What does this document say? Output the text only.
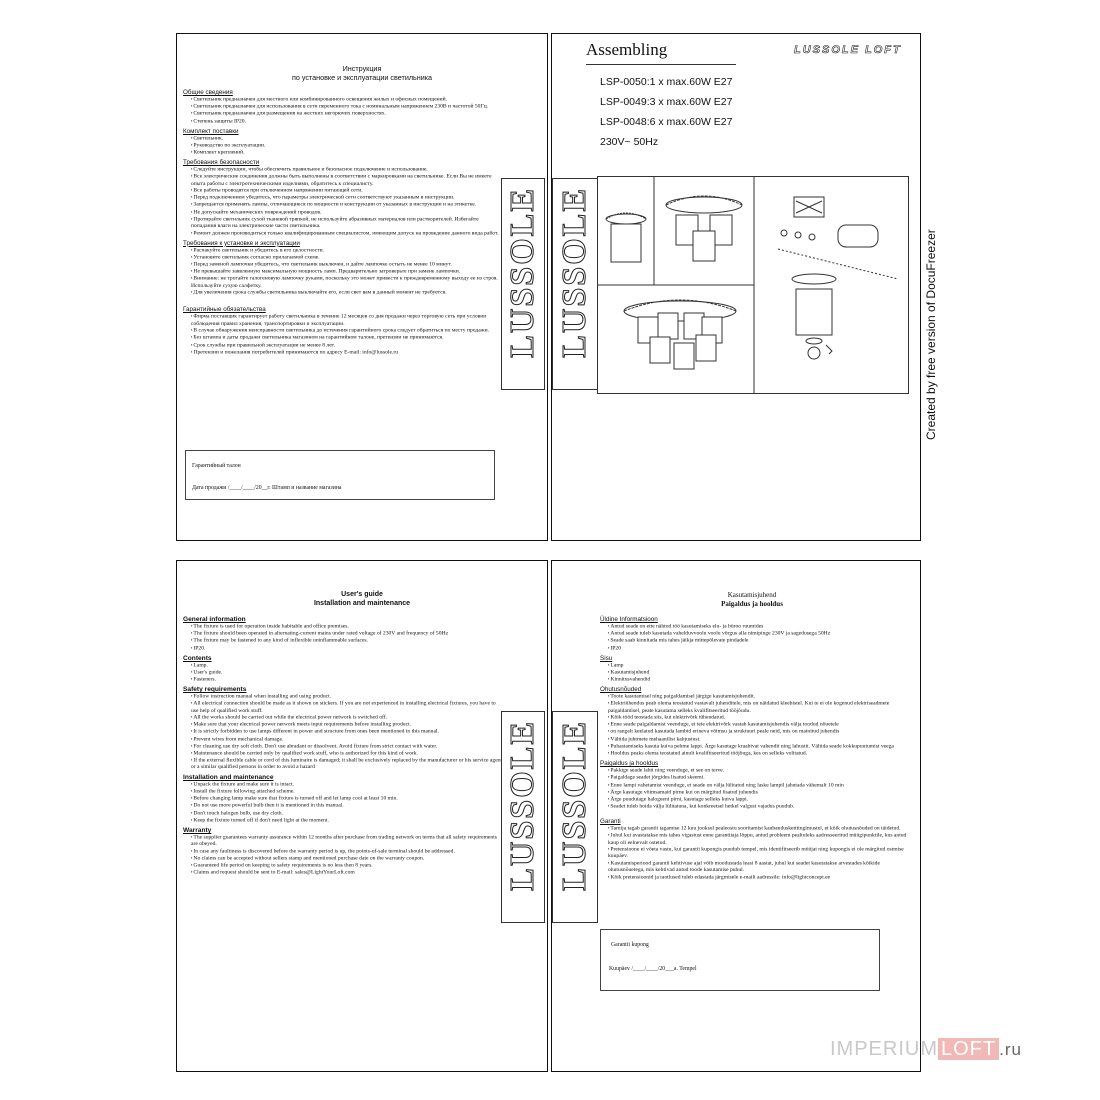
Инструкция
по установке и эксплуатации светильника
Общие сведения
▪ Светильник предназначен для местного или комбинированного освещения жилых и офисных помещений.
▪ Светильник предназначен для использования в сети переменного тока с номинальным напряжением 230В и частотой 50Гц.
▪ Светильник предназначен для размещения на жестких негорючих поверхностях.
▪ Степень защиты IP20.
Комплект поставки
▪ Светильник.
▪ Руководство по эксплуатации.
▪ Комплект креплений.
Требования безопасности
▪ Следуйте инструкции, чтобы обеспечить правильное и безопасное подключение и использование.
▪ Все электрические соединения должны быть выполнены в соответствии с маркировками на светильнике. Если Вы не имеете опыта работы с электротехническими изделиями, обратитесь к специалисту.
▪ Все работы проводятся при отключенном напряжении питающей сети.
▪ Перед подключением убедитесь, что параметры электрической сети соответствуют указанным в инструкции.
▪ Запрещается применять лампы, отличающиеся по мощности и конструкции от указанных в инструкции и на этикетке.
▪ Не допускайте механических повреждений проводов.
▪ Протирайте светильник сухой тканевой тряпкой, не используйте абразивных материалов или растворителей. Избегайте попадания влаги на электрические части светильника.
▪ Ремонт должен производиться только квалифицированным специалистом, имеющим допуск на проведение данного вида работ.
Требования к установке и эксплуатации
▪ Распакуйте светильник и убедитесь в его целостности.
▪ Установите светильник согласно прилагаемой схеме.
▪ Перед заменой лампочки убедитесь, что светильник выключен, и дайте лампочке остыть не менее 10 минут.
▪ Не превышайте заявленную максимальную мощность ламп. Предварительно затроверьте при замене лампочки.
▪ Внимание: не трогайте галогеновую лампочку руками, поскольку это может привести к преждевременному выходу ее из строя. Используйте сухую салфетку.
▪ Для увеличения срока службы светильника выключайте его, если свет вам в данный момент не требуется.
Гарантийные обязательства
▪ Фирма поставщик гарантирует работу светильника в течение 12 месяцев со дня продажи через торговую сеть при условии соблюдения правил хранения, транспортировки и эксплуатации.
▪ В случае обнаружения неисправности светильника до истечения гарантийного срока следует обратиться по месту продажи.
▪ Без штампа и даты продажи светильника магазином на гарантийном талоне, претензии не принимаются.
▪ Срок службы при правильной эксплуатации не менее 8 лет.
▪ Претензии и пожелания потребителей принимаются по адресу E-mail: info@lussole.ru
Гарантийный талон
Дата продажи /____/____/20__г. Штамп и название магазина
LUSSOLE LUSSOLE
Assembling	LUSSOLE LOFT
LSP-0050:1 x max.60W E27
LSP-0049:3 x max.60W E27
LSP-0048:6 x max.60W E27
230V~ 50Hz
Created by free version of DocuFreezer
User's guide
Installation and maintenance
General information
▪ The fixture is used for operation inside habitable and office premises.
▪ The fixture should been operated in alternating-current mains under rated voltage of 230V and frequency of 50Hz
▪ The fixture may be fastened to any kind of inflexible uninflammable surfaces.
▪ IP20.
Contents
▪ Lamp.
▪ User's guide.
▪ Fasteners.
Safety requirements
▪ Follow instruction manual when installing and using product.
▪ All electrical connection should be made as it shown on stickers. If you are not experienced in installing electrical fixtures, you have to use help of qualified work stuff.
▪ All the works should be carried out while the electrical power network is switched off.
▪ Make sure that your electrical power network meets input requirements before installing product.
▪ It is strictly forbidden to use lamps different in power and structure from ones been mentioned in this manual.
▪ Prevent wires from mechanical damage.
▪ For cleaning use dry soft cloth. Don't use abradant or dissolvent. Avoid fixture from strict contact with water.
▪ Maintenance should be carried only by qualified work stuff, who is authorized for this kind of work.
▪ If the external flexible cable or cord of this luminaire is damaged; it shall be exclusively replaced by the manufacturer or his service agent or a similar qualified persons in order to avoid a hazard
Installation and maintenance
▪ Unpack the fixture and make sure it is intact.
▪ Install the fixture following attached scheme.
▪ Before changing lamp make sure that fixture is turned off and let lamp cool at least 10 min.
▪ Do not use more powerful bulb then it is mentioned in this manual.
▪ Don't touch halogen bulb, use dry cloth.
▪ Keep the fixture turned off if don't need light at the moment.
Warranty
▪ The supplier guarantees warranty assurance within 12 months after purchase from trading network on terms that all safety requirements are obeyed.
▪ In case any faultiness is discovered before the warranty period is up, the points-of-sale terminal should be addressed.
▪ No claims can be accepted without sellers stamp and mentioned purchase date on the warranty coupon.
▪ Guaranteed life period on keeping to safety requirements is no less then 8 years.
▪ Claims and request should be sent to E-mail: sales@LightYourLoft.com	LUSSOLE LUSSOLE
Kasutamisjuhend
Paigaldus ja hooldus
Üldine Informatsioon
▪ Antud seade on ette nähtud töö kasutamiseks elu- ja büroo ruumides
▪ Antud seade tuleb kasutada vahelduvvoolu voolu võrgus alla nimipinge 230V ja sagedusega 50Hz
▪ Seade saab kinnitada mis tahes jäikja mittepõlevate pindadele
▪ IP20
Sisu
▪ Lamp
▪ Kasutamisjuhend
▪ Kinnitusvahendid
Ohutusnõuded
▪ Toote kasutamisel ning paigaldamisel järgige kasutamisjuhendit.
▪ Elektriühendus peab olema teostatud vastavalt juhenditele, mis on näidatud kleebistel. Kui te ei ole kogenud elektriseadmete paigaldamisel, peate kasutama selleks kvalifitseeritud tööjõudu.
▪ Kõik tööd teostada siis, kui elektrivõrk tühendatud.
▪ Enne seade paigaldamist veenduge, et teie elektrivõrk vastab kasutamisjuhendis välja toodud nõuetele
▪ on rangelt keelatud kasutada lambid erineva võimsu ja struktuuri peale neid, mis on mainitud juhendis
▪ Vältida juhtmete mehaanilist kahjustust.
▪ Puhastamiseks kasuta kuiva pehme lappi. Ärge kasutage kraabivat vahendit ning lahustit. Vältida seade kokkupuutumist veega
▪ Hooldus peaks olema teostatud ainult kvalifitseeritud tööjõuga, kes on selleks volitatud.
Paigaldus ja hooldus
▪ Pakkige seade lahti ning veenduge, et see on terve.
▪ Paigaldage seadet jõrgides lisatud skeemi.
▪ Enne lampi vahetamist veenduge, et seade on välja lülitatud ning laske lampil jahutada vähemalt 10 min
▪ Ärge kasutage võimsamaid pirne kui on märgitud lisatud juhendis
▪ Ärge puudutage halogeeni pirni, kasutage selleks kuiva lappi.
▪ Seadet tuleb hoida välja lülitatuna, kui konkreetsel hetkel valgust vajadus puudub.
Garanti
▪ Tarnija tagab garantii tagamise 12 kuu jooksul pealeostu sooritamist kaubandusketttingimustel, et kõik ohutusnõuded on täidetud.
▪ Juhul kui avastatakse mis tahes vigastust enne garantiiaja lõppu, antud probleem pealtuleks aadresseeritud müügipunktile, kus antud kaup oli eelnevalt ostetud.
▪ Pretensioone ei võeta vastu, kui garantii kupongis puudub tempel, mis identifitseerib müüjat ning kupongis ei ole märgitud ostmise kuupäev.
▪ Kasutamisperiood garantii kehtivuse ajal võib moodustada leasi 8 aastat, juhul kui seadet kasutatakse arvestades kõikide ohutusnõuetega, mis kehtivad antud toode kasutamise puhul.
▪ Kõik pretensioonid ja taotlused tuleb edastada järgmisele e-maili aadressile: info@lightconcept.ee
Garantii kupong
Kuupäev /____/____/20___a. Tempel
IMPERIUM LOFT .ru
